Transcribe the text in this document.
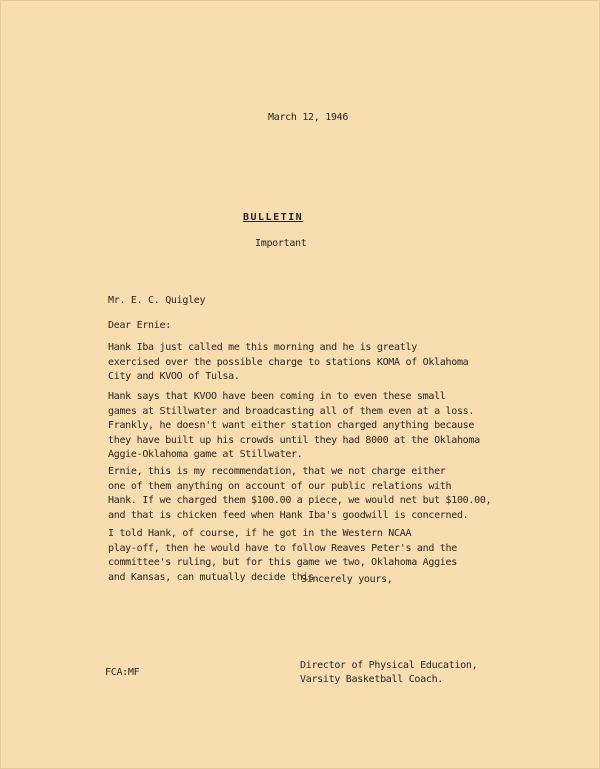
March 12, 1946
BULLETIN
Important
Mr. E. C. Quigley
Dear Ernie:
Hank Iba just called me this morning and he is greatly
exercised over the possible charge to stations KOMA of Oklahoma
City and KVOO of Tulsa.
Hank says that KVOO have been coming in to even these small
games at Stillwater and broadcasting all of them even at a loss.
Frankly, he doesn't want either station charged anything because
they have built up his crowds until they had 8000 at the Oklahoma
Aggie-Oklahoma game at Stillwater.
Ernie, this is my recommendation, that we not charge either
one of them anything on account of our public relations with
Hank. If we charged them $100.00 a piece, we would net but $100.00,
and that is chicken feed when Hank Iba's goodwill is concerned.
I told Hank, of course, if he got in the Western NCAA
play-off, then he would have to follow Reaves Peter's and the
committee's ruling, but for this game we two, Oklahoma Aggies
and Kansas, can mutually decide this.
Sincerely yours,
Director of Physical Education,
Varsity Basketball Coach.
FCA:MF
